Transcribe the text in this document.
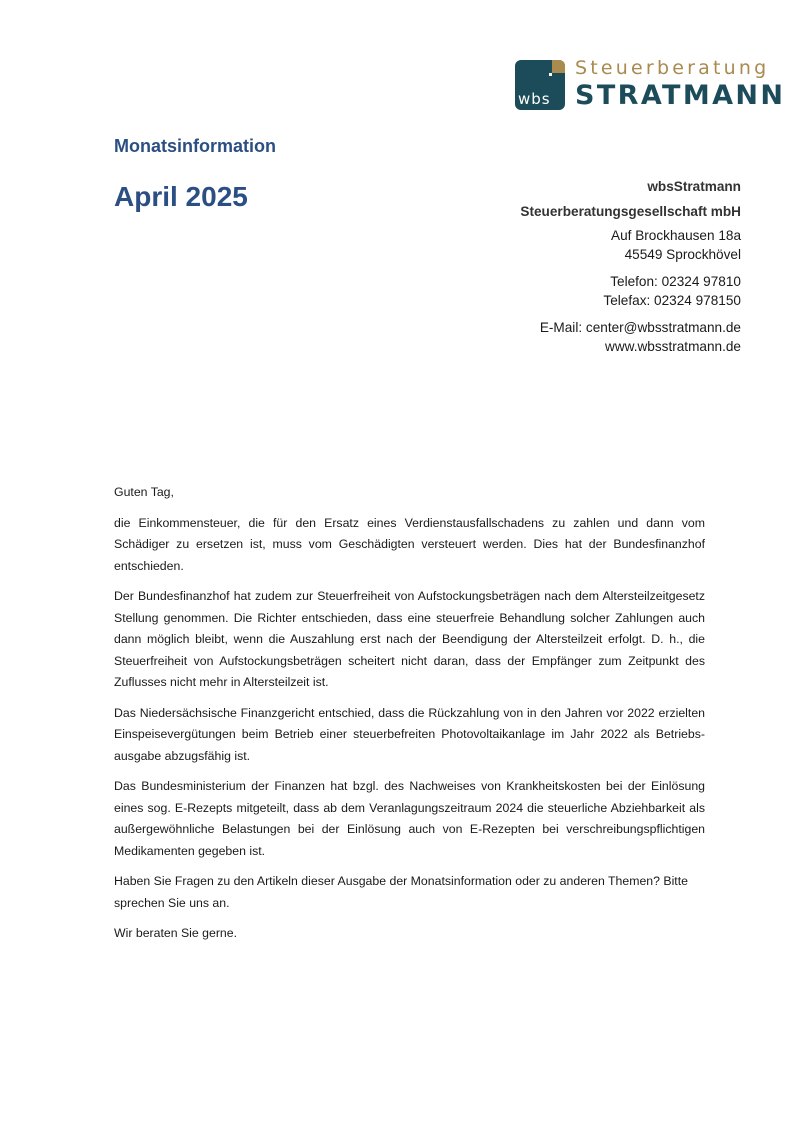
wbs
Steuerberatung
STRATMANN
Monatsinformation
April 2025	wbsStratmann
Steuerberatungsgesellschaft mbH
Auf Brockhausen 18a
45549 Sprockhövel
Telefon: 02324 97810
Telefax: 02324 978150
E-Mail: center@wbsstratmann.de
www.wbsstratmann.de

Guten Tag,

die Einkommensteuer, die für den Ersatz eines Verdienstausfallschadens zu zahlen und dann vom Schädiger zu ersetzen ist, muss vom Geschädigten versteuert werden. Dies hat der Bundesfinanzhof entschieden.

Der Bundesfinanzhof hat zudem zur Steuerfreiheit von Aufstockungsbeträgen nach dem Altersteilzeitgesetz Stellung genommen. Die Richter entschieden, dass eine steuerfreie Behandlung solcher Zahlungen auch dann möglich bleibt, wenn die Auszahlung erst nach der Beendigung der Altersteilzeit erfolgt. D. h., die Steuerfreiheit von Aufstockungsbeträgen scheitert nicht daran, dass der Empfänger zum Zeitpunkt des Zuflusses nicht mehr in Altersteilzeit ist.

Das Niedersächsische Finanzgericht entschied, dass die Rückzahlung von in den Jahren vor 2022 erzielten Einspeisevergütungen beim Betrieb einer steuerbefreiten Photovoltaikanlage im Jahr 2022 als Betriebsausgabe abzugsfähig ist.

Das Bundesministerium der Finanzen hat bzgl. des Nachweises von Krankheitskosten bei der Einlösung eines sog. E-Rezepts mitgeteilt, dass ab dem Veranlagungszeitraum 2024 die steuerliche Abziehbarkeit als außergewöhnliche Belastungen bei der Einlösung auch von E-Rezepten bei verschreibungspflichtigen Medikamenten gegeben ist.

Haben Sie Fragen zu den Artikeln dieser Ausgabe der Monatsinformation oder zu anderen Themen? Bitte sprechen Sie uns an.

Wir beraten Sie gerne.
